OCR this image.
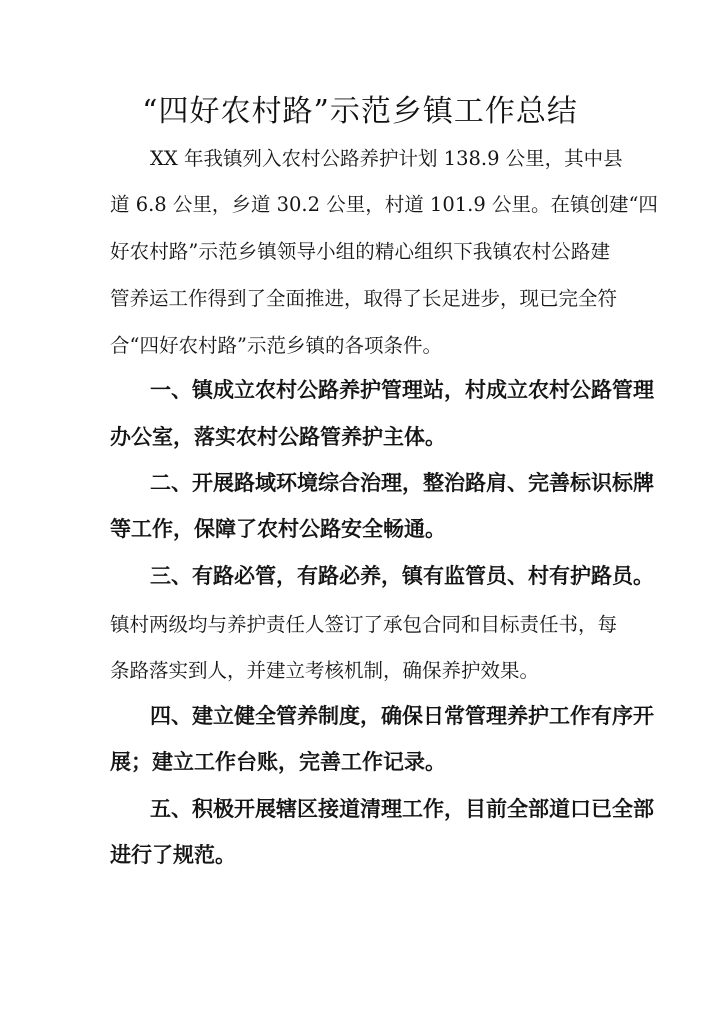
“四好农村路”示范乡镇工作总结
XX 年我镇列入农村公路养护计划 138.9 公里，其中县
道 6.8 公里，乡道 30.2 公里，村道 101.9 公里。在镇创建“四
好农村路”示范乡镇领导小组的精心组织下我镇农村公路建
管养运工作得到了全面推进，取得了长足进步，现已完全符
合“四好农村路”示范乡镇的各项条件。
一、镇成立农村公路养护管理站，村成立农村公路管理
办公室，落实农村公路管养护主体。
二、开展路域环境综合治理，整治路肩、完善标识标牌
等工作，保障了农村公路安全畅通。
三、有路必管，有路必养，镇有监管员、村有护路员。
镇村两级均与养护责任人签订了承包合同和目标责任书，每
条路落实到人，并建立考核机制，确保养护效果。
四、建立健全管养制度，确保日常管理养护工作有序开
展；建立工作台账，完善工作记录。
五、积极开展辖区接道清理工作，目前全部道口已全部
进行了规范。
